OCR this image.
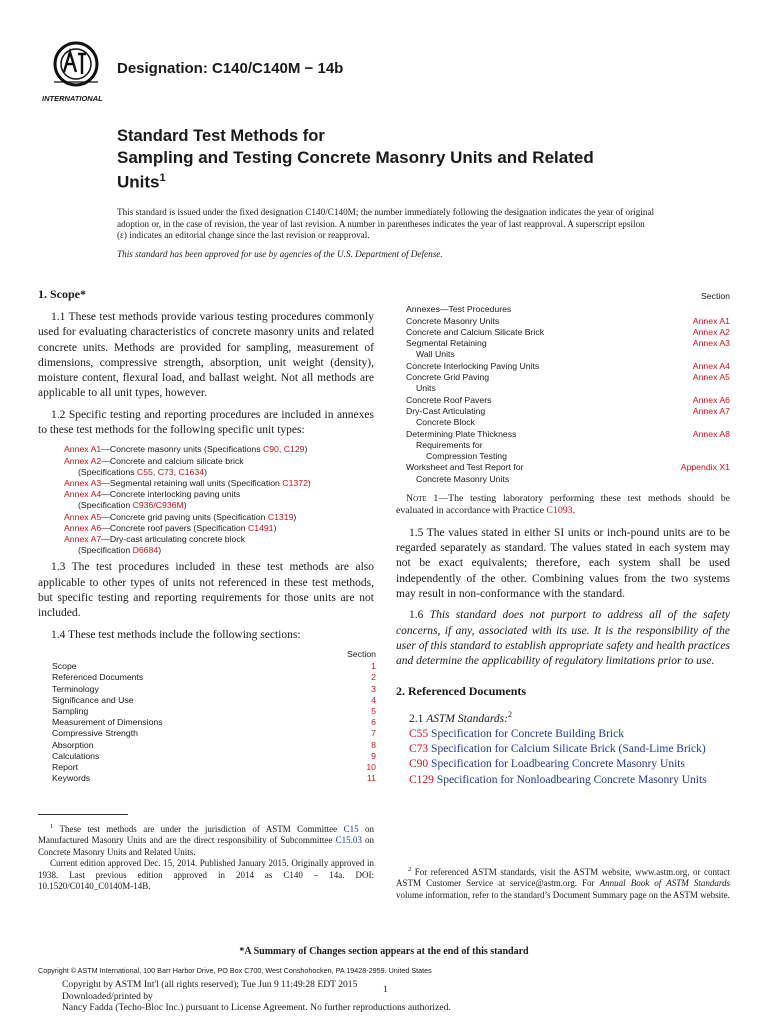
INTERNATIONAL
Designation: C140/C140M − 14b
Standard Test Methods for
Sampling and Testing Concrete Masonry Units and Related
Units$^1$
This standard is issued under the fixed designation C140/C140M; the number immediately following the designation indicates the year of original adoption or, in the case of revision, the year of last revision. A number in parentheses indicates the year of last reapproval. A superscript epsilon (ε) indicates an editorial change since the last revision or reapproval.
This standard has been approved for use by agencies of the U.S. Department of Defense.
1. Scope*

1.1 These test methods provide various testing procedures commonly used for evaluating characteristics of concrete masonry units and related concrete units. Methods are provided for sampling, measurement of dimensions, compressive strength, absorption, unit weight (density), moisture content, flexural load, and ballast weight. Not all methods are applicable to all unit types, however.

1.2 Specific testing and reporting procedures are included in annexes to these test methods for the following specific unit types:

Annex A1—Concrete masonry units (Specifications C90, C129)
Annex A2—Concrete and calcium silicate brick
(Specifications C55, C73, C1634)
Annex A3—Segmental retaining wall units (Specification C1372)
Annex A4—Concrete interlocking paving units
(Specification C936/C936M)
Annex A5—Concrete grid paving units (Specification C1319)
Annex A6—Concrete roof pavers (Specification C1491)
Annex A7—Dry-cast articulating concrete block
(Specification D6684)

1.3 The test procedures included in these test methods are also applicable to other types of units not referenced in these test methods, but specific testing and reporting requirements for those units are not included.

1.4 These test methods include the following sections:

Section
Scope	1
Referenced Documents	2
Terminology	3
Significance and Use	4
Sampling	5
Measurement of Dimensions	6
Compressive Strength	7
Absorption	8
Calculations	9
Report	10
Keywords	11
Section
Annexes—Test Procedures
Concrete Masonry Units	Annex A1
Concrete and Calcium Silicate Brick	Annex A2
Segmental Retaining	Annex A3
Wall Units
Concrete Interlocking Paving Units	Annex A4
Concrete Grid Paving	Annex A5
Units
Concrete Roof Pavers	Annex A6
Dry-Cast Articulating	Annex A7
Concrete Block
Determining Plate Thickness	Annex A8
Requirements for
Compression Testing
Worksheet and Test Report for	Appendix X1
Concrete Masonry Units

Note 1—The testing laboratory performing these test methods should be evaluated in accordance with Practice C1093.

1.5 The values stated in either SI units or inch-pound units are to be regarded separately as standard. The values stated in each system may not be exact equivalents; therefore, each system shall be used independently of the other. Combining values from the two systems may result in non-conformance with the standard.

1.6 This standard does not purport to address all of the safety concerns, if any, associated with its use. It is the responsibility of the user of this standard to establish appropriate safety and health practices and determine the applicability of regulatory limitations prior to use.

2. Referenced Documents
2.1 ASTM Standards:$^2$
C55 Specification for Concrete Building Brick
C73 Specification for Calcium Silicate Brick (Sand-Lime Brick)
C90 Specification for Loadbearing Concrete Masonry Units
C129 Specification for Nonloadbearing Concrete Masonry Units

$^1$ These test methods are under the jurisdiction of ASTM Committee C15 on Manufactured Masonry Units and are the direct responsibility of Subcommittee C15.03 on Concrete Masonry Units and Related Units.

Current edition approved Dec. 15, 2014. Published January 2015. Originally approved in 1938. Last previous edition approved in 2014 as C140 – 14a. DOI: 10.1520/C0140_C0140M-14B.

$^2$ For referenced ASTM standards, visit the ASTM website, www.astm.org, or contact ASTM Customer Service at service@astm.org. For Annual Book of ASTM Standards volume information, refer to the standard’s Document Summary page on the ASTM website.

*A Summary of Changes section appears at the end of this standard
Copyright © ASTM International, 100 Barr Harbor Drive, PO Box C700, West Conshohocken, PA 19428-2959. United States
Copyright by ASTM Int'l (all rights reserved); Tue Jun 9 11:49:28 EDT 2015
Downloaded/printed by
Nancy Fadda (Techo-Bloc Inc.) pursuant to License Agreement. No further reproductions authorized.
1
